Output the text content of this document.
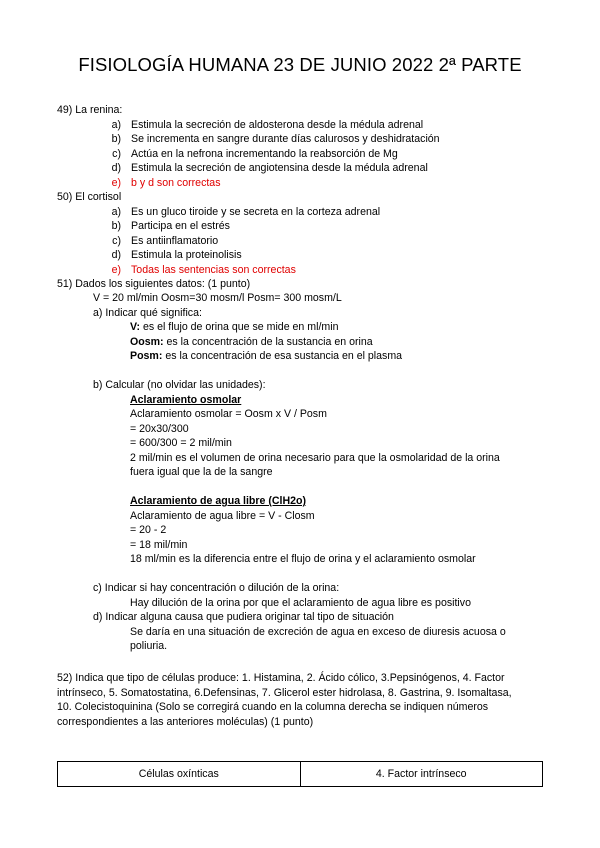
FISIOLOGÍA HUMANA 23 DE JUNIO 2022 2ª PARTE
49) La renina:
a) Estimula la secreción de aldosterona desde la médula adrenal
b) Se incrementa en sangre durante días calurosos y deshidratación
c) Actúa en la nefrona incrementando la reabsorción de Mg
d) Estimula la secreción de angiotensina desde la médula adrenal
e) b y d son correctas
50) El cortisol
a) Es un gluco tiroide y se secreta en la corteza adrenal
b) Participa en el estrés
c) Es antiinflamatorio
d) Estimula la proteinolisis
e) Todas las sentencias son correctas
51) Dados los siguientes datos: (1 punto)
V = 20 ml/min Oosm=30 mosm/l Posm= 300 mosm/L
a) Indicar qué significa:
V: es el flujo de orina que se mide en ml/min
Oosm: es la concentración de la sustancia en orina
Posm: es la concentración de esa sustancia en el plasma
b) Calcular (no olvidar las unidades):
Aclaramiento osmolar
Aclaramiento osmolar = Oosm x V / Posm
= 20x30/300
= 600/300 = 2 mil/min
2 mil/min es el volumen de orina necesario para que la osmolaridad de la orina
fuera igual que la de la sangre
Aclaramiento de agua libre (ClH2o)
Aclaramiento de agua libre = V - Closm
= 20 - 2
= 18 mil/min
18 ml/min es la diferencia entre el flujo de orina y el aclaramiento osmolar
c) Indicar si hay concentración o dilución de la orina:
Hay dilución de la orina por que el aclaramiento de agua libre es positivo
d) Indicar alguna causa que pudiera originar tal tipo de situación
Se daría en una situación de excreción de agua en exceso de diuresis acuosa o
poliuria.
52) Indica que tipo de células produce: 1. Histamina, 2. Ácido cólico, 3.Pepsinógenos, 4. Factor
intrínseco, 5. Somatostatina, 6.Defensinas, 7. Glicerol ester hidrolasa, 8. Gastrina, 9. Isomaltasa,
10. Colecistoquinina (Solo se corregirá cuando en la columna derecha se indiquen números
correspondientes a las anteriores moléculas) (1 punto)
Células oxínticas	4. Factor intrínseco
